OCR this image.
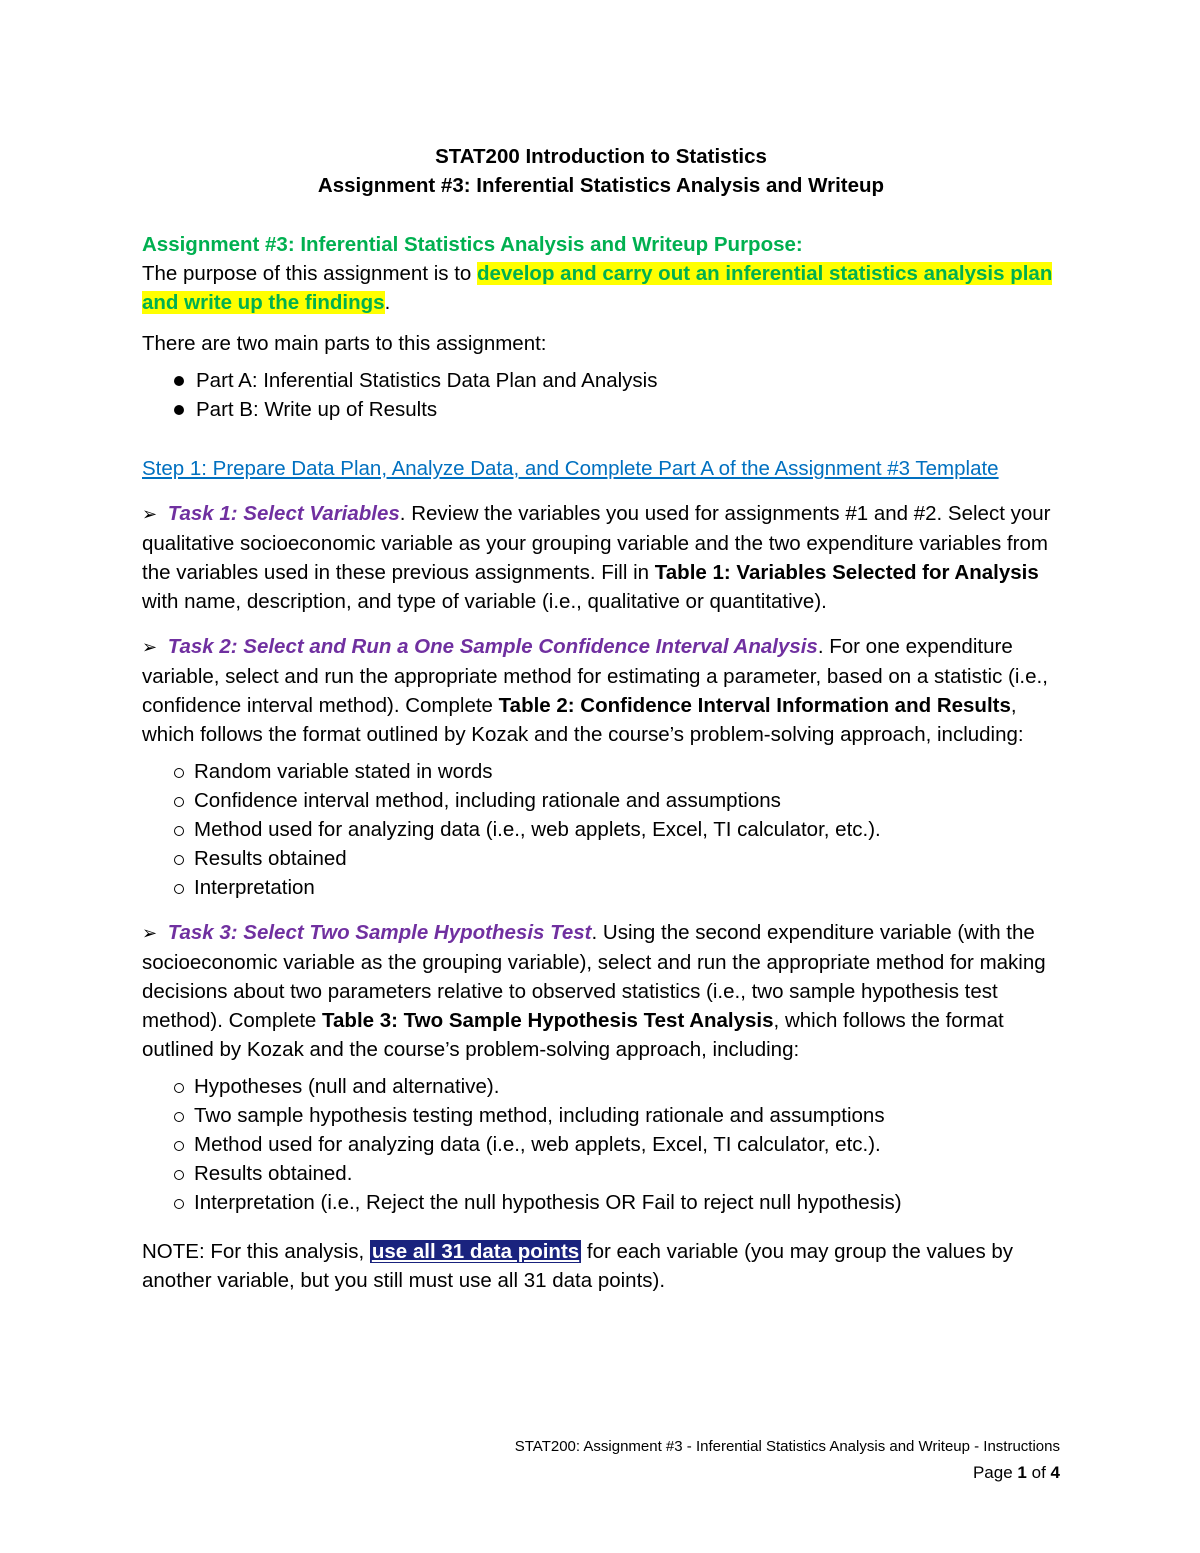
STAT200 Introduction to Statistics
Assignment #3: Inferential Statistics Analysis and Writeup
Assignment #3: Inferential Statistics Analysis and Writeup Purpose:

The purpose of this assignment is to develop and carry out an inferential statistics analysis plan and write up the findings.

There are two main parts to this assignment:

Part A: Inferential Statistics Data Plan and Analysis
Part B: Write up of Results

Step 1: Prepare Data Plan, Analyze Data, and Complete Part A of the Assignment #3 Template

➢ Task 1: Select Variables. Review the variables you used for assignments #1 and #2. Select your qualitative socioeconomic variable as your grouping variable and the two expenditure variables from the variables used in these previous assignments. Fill in Table 1: Variables Selected for Analysis with name, description, and type of variable (i.e., qualitative or quantitative).

➢ Task 2: Select and Run a One Sample Confidence Interval Analysis. For one expenditure variable, select and run the appropriate method for estimating a parameter, based on a statistic (i.e., confidence interval method). Complete Table 2: Confidence Interval Information and Results, which follows the format outlined by Kozak and the course’s problem-solving approach, including:

Random variable stated in words
Confidence interval method, including rationale and assumptions
Method used for analyzing data (i.e., web applets, Excel, TI calculator, etc.).
Results obtained
Interpretation

➢ Task 3: Select Two Sample Hypothesis Test. Using the second expenditure variable (with the socioeconomic variable as the grouping variable), select and run the appropriate method for making decisions about two parameters relative to observed statistics (i.e., two sample hypothesis test method). Complete Table 3: Two Sample Hypothesis Test Analysis, which follows the format outlined by Kozak and the course’s problem-solving approach, including:

Hypotheses (null and alternative).
Two sample hypothesis testing method, including rationale and assumptions
Method used for analyzing data (i.e., web applets, Excel, TI calculator, etc.).
Results obtained.
Interpretation (i.e., Reject the null hypothesis OR Fail to reject null hypothesis)

NOTE: For this analysis, use all 31 data points for each variable (you may group the values by another variable, but you still must use all 31 data points).

STAT200: Assignment #3 - Inferential Statistics Analysis and Writeup - Instructions
Page 1 of 4
